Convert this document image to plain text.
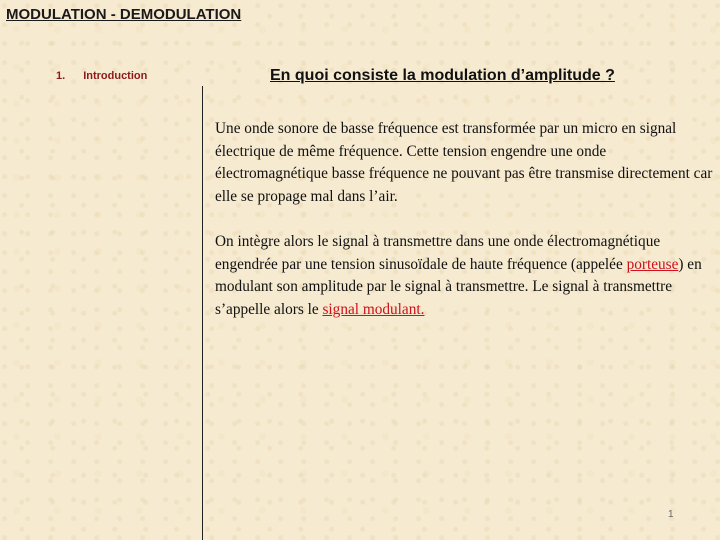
MODULATION - DEMODULATION
1. Introduction	En quoi consiste la modulation d’amplitude ?

Une onde sonore de basse fréquence est transformée par un micro en signal électrique de même fréquence. Cette tension engendre une onde électromagnétique basse fréquence ne pouvant pas être transmise directement car elle se propage mal dans l’air.

On intègre alors le signal à transmettre dans une onde électromagnétique engendrée par une tension sinusoïdale de haute fréquence (appelée porteuse) en modulant son amplitude par le signal à transmettre. Le signal à transmettre s’appelle alors le signal modulant.

1
